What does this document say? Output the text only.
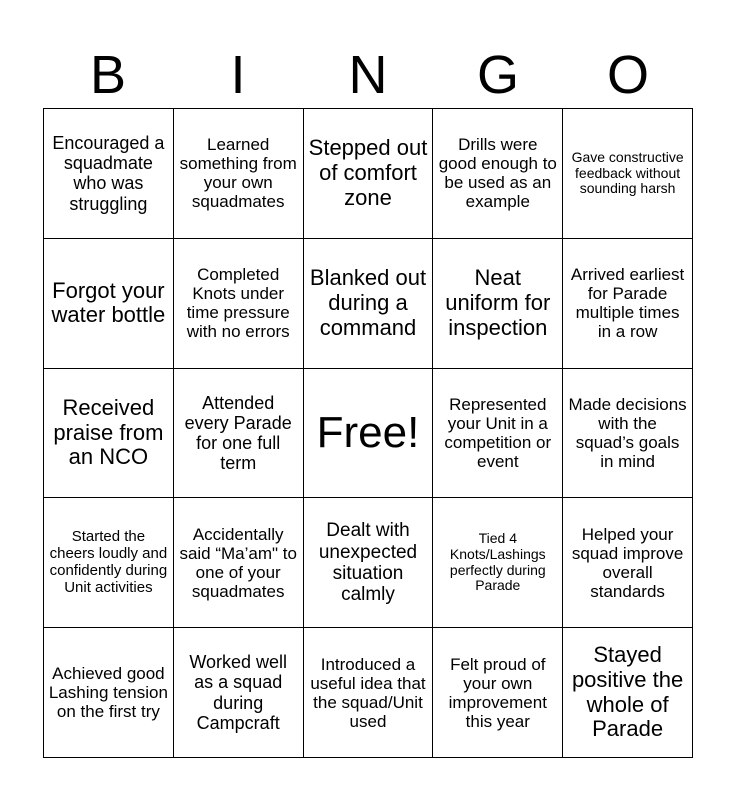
B	I	N	G	O
Encouraged a squadmate who was struggling
Learned something from your own squadmates
Stepped out of comfort zone
Drills were good enough to be used as an example
Gave constructive feedback without sounding harsh
Forgot your water bottle
Completed Knots under time pressure with no errors
Blanked out during a command
Neat uniform for inspection
Arrived earliest for Parade multiple times in a row
Received praise from an NCO
Attended every Parade for one full term
Free!
Represented your Unit in a competition or event
Made decisions with the squad’s goals in mind
Started the cheers loudly and confidently during Unit activities
Accidentally said “Ma’am" to one of your squadmates
Dealt with unexpected situation calmly
Tied 4 Knots/Lashings perfectly during Parade
Helped your squad improve overall standards
Achieved good Lashing tension on the first try
Worked well as a squad during Campcraft
Introduced a useful idea that the squad/Unit used
Felt proud of your own improvement this year
Stayed positive the whole of Parade
